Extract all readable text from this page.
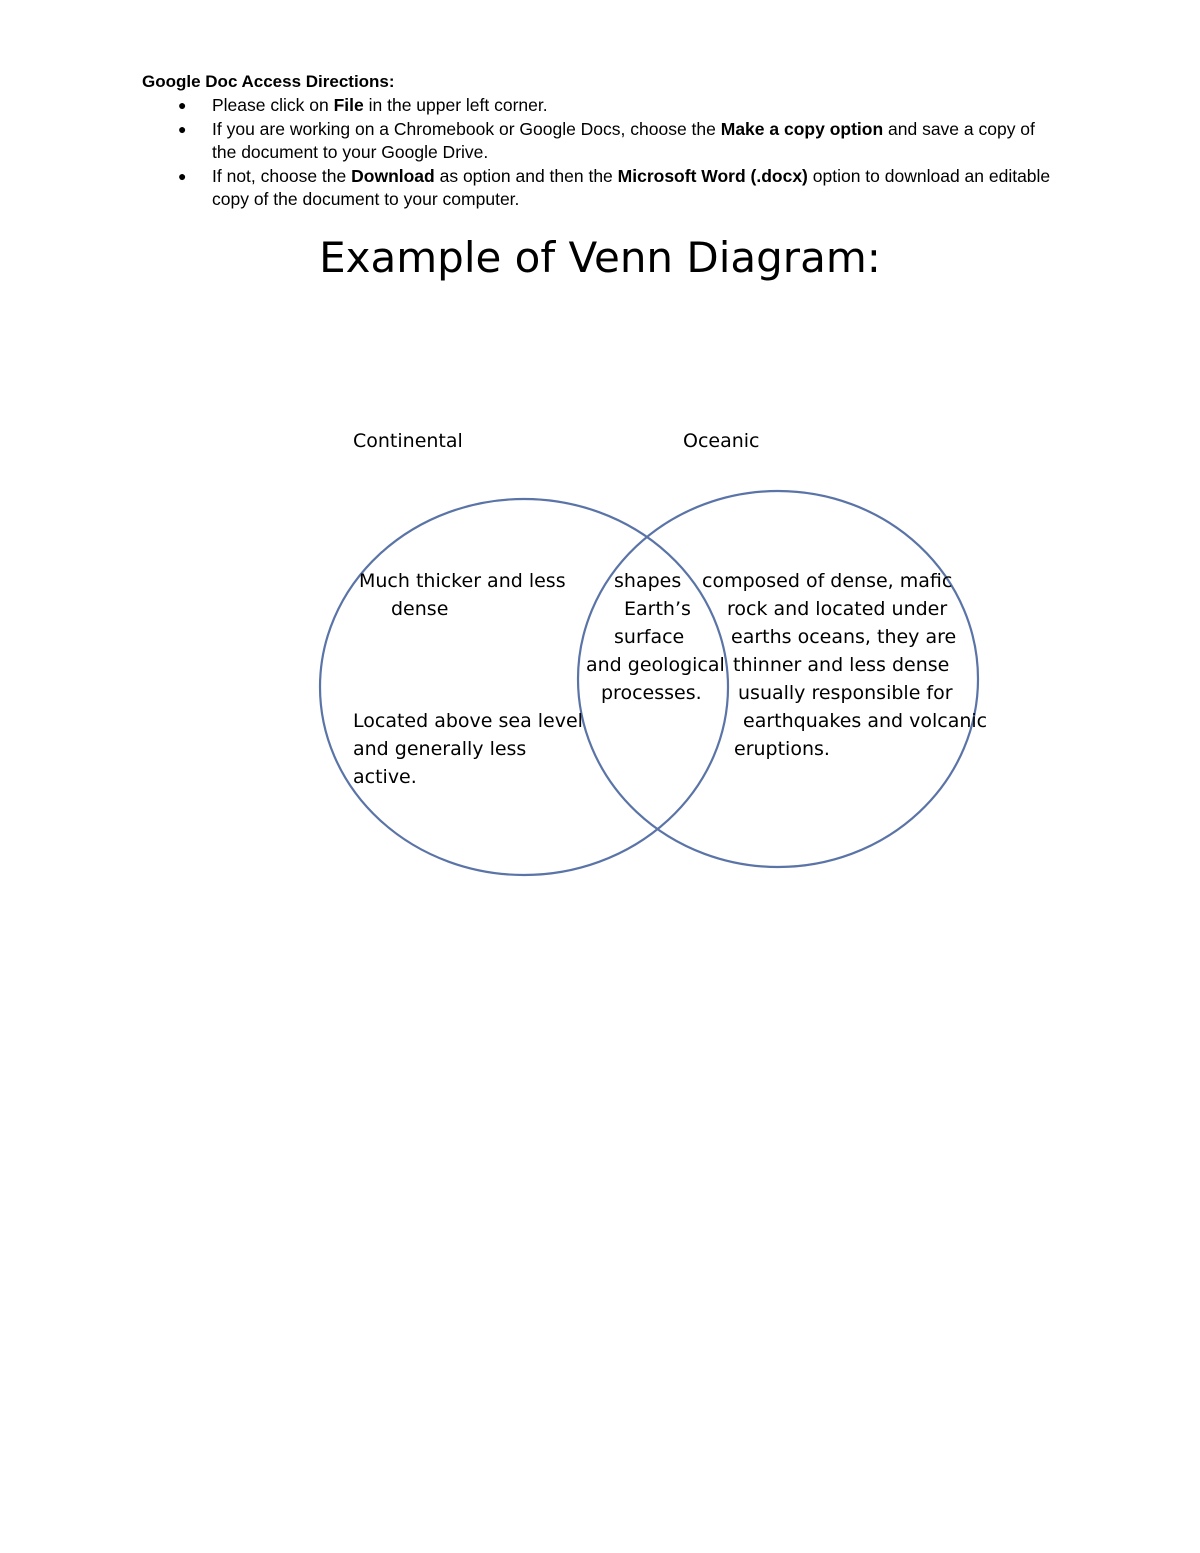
Google Doc Access Directions:

● Please click on File in the upper left corner.
● If you are working on a Chromebook or Google Docs, choose the Make a copy option and save a copy of the document to your Google Drive.
● If not, choose the Download as option and then the Microsoft Word (.docx) option to download an editable copy of the document to your computer.
Example of Venn Diagram:
Continental	Oceanic
Much thicker and less
dense
Located above sea level
and generally less
active.
shapes
Earth’s
surface
and geological
processes.
composed of dense, mafic
rock and located under
earths oceans, they are
thinner and less dense
usually responsible for
earthquakes and volcanic
eruptions.
